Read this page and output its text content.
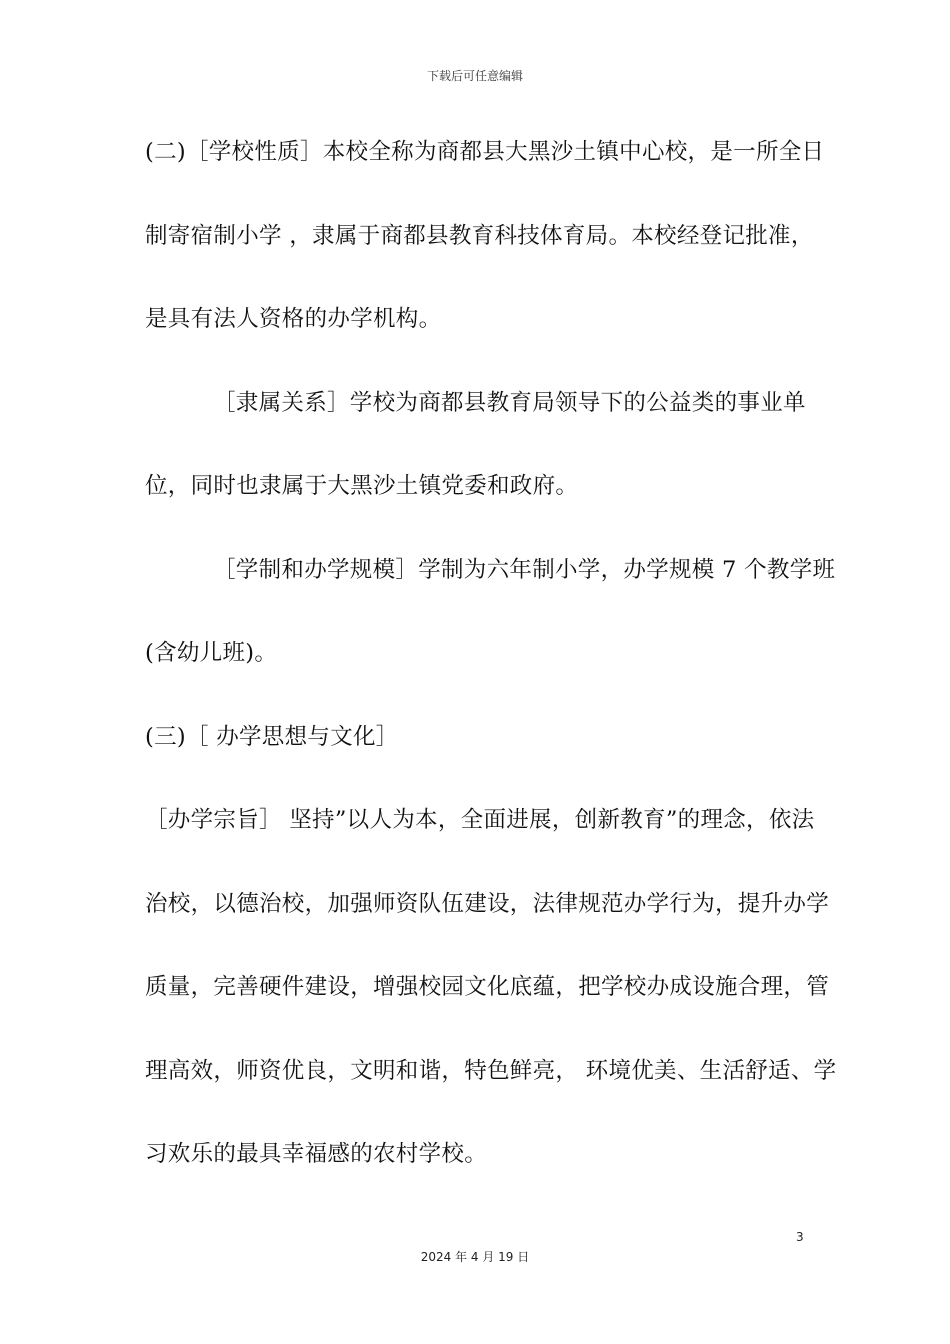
下载后可任意编辑
(二)［学校性质］本校全称为商都县大黑沙土镇中心校，是一所全日
制寄宿制小学 ，隶属于商都县教育科技体育局。本校经登记批准，
是具有法人资格的办学机构。
［隶属关系］学校为商都县教育局领导下的公益类的事业单
位，同时也隶属于大黑沙土镇党委和政府。
［学制和办学规模］学制为六年制小学，办学规模 7 个教学班
(含幼儿班)。
(三)［ 办学思想与文化］
［办学宗旨］ 坚持”以人为本，全面进展，创新教育”的理念，依法
治校，以德治校，加强师资队伍建设，法律规范办学行为，提升办学
质量，完善硬件建设，增强校园文化底蕴，把学校办成设施合理，管
理高效，师资优良，文明和谐，特色鲜亮， 环境优美、生活舒适、学
习欢乐的最具幸福感的农村学校。
3
2024 年 4 月 19 日
